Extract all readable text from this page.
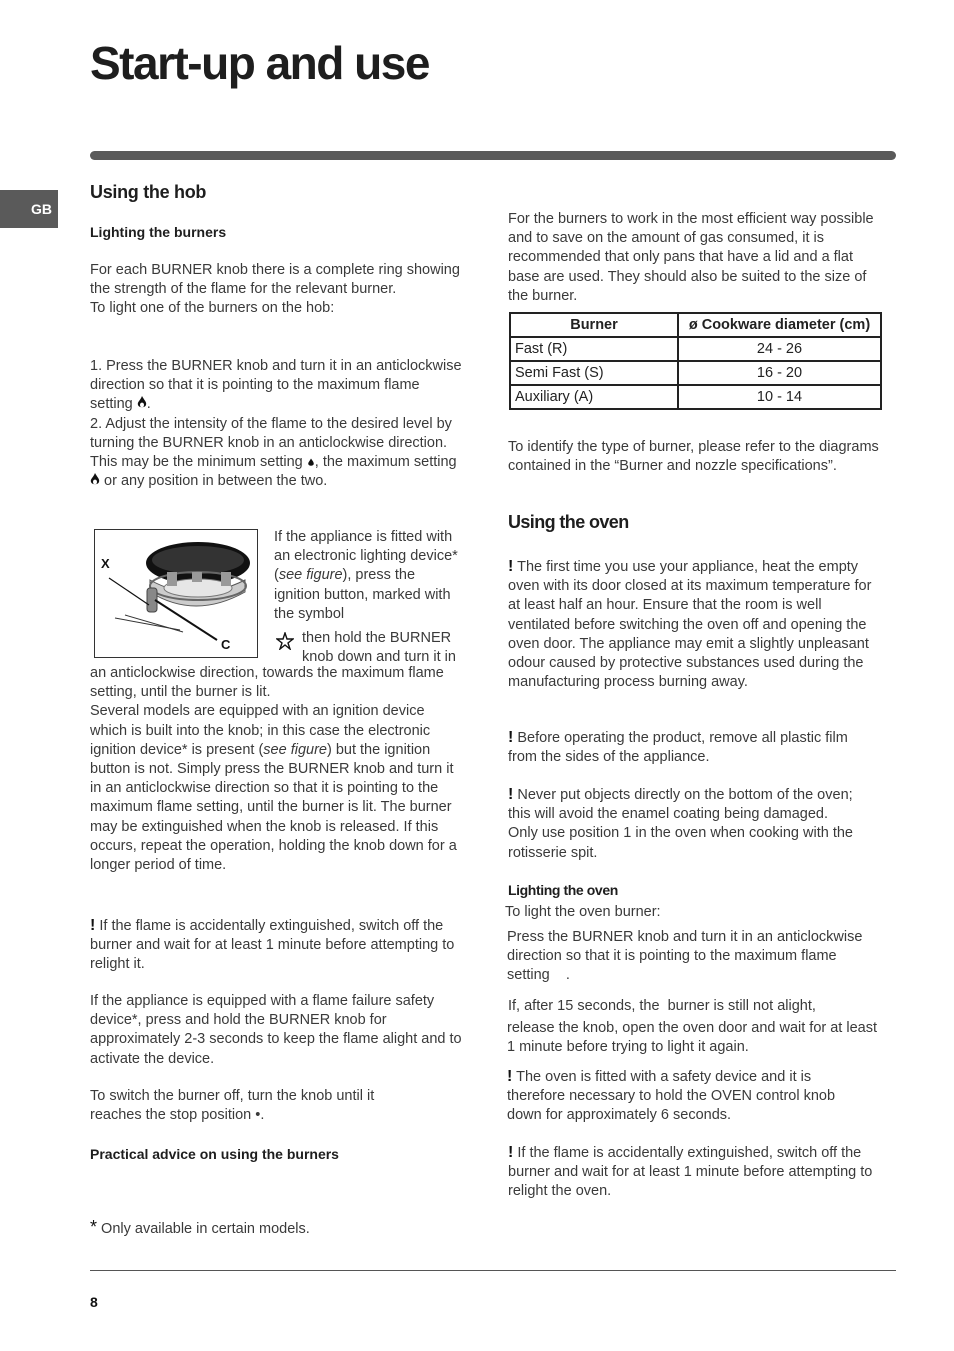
Start-up and use
GB
Using the hob
Lighting the burners

For each BURNER knob there is a complete ring showing the strength of the flame for the relevant burner.
To light one of the burners on the hob:

1. Press the BURNER knob and turn it in an anticlockwise direction so that it is pointing to the maximum flame setting .
2. Adjust the intensity of the flame to the desired level by turning the BURNER knob in an anticlockwise direction. This may be the minimum setting , the maximum setting  or any position in between the two.

X
C

If the appliance is fitted with an electronic lighting device* (see figure), press the ignition button, marked with the symbol

then hold the BURNER knob down and turn it in

an anticlockwise direction, towards the maximum flame setting, until the burner is lit.
Several models are equipped with an ignition device which is built into the knob; in this case the electronic ignition device* is present (see figure) but the ignition button is not. Simply press the BURNER knob and turn it in an anticlockwise direction so that it is pointing to the maximum flame setting, until the burner is lit. The burner may be extinguished when the knob is released. If this occurs, repeat the operation, holding the knob down for a longer period of time.

! If the flame is accidentally extinguished, switch off the burner and wait for at least 1 minute before attempting to relight it.

If the appliance is equipped with a flame failure safety device*, press and hold the BURNER knob for approximately 2-3 seconds to keep the flame alight and to activate the device.

To switch the burner off, turn the knob until it reaches the stop position •.

Practical advice on using the burners

* Only available in certain models.

For the burners to work in the most efficient way possible and to save on the amount of gas consumed, it is recommended that only pans that have a lid and a flat base are used. They should also be suited to the size of the burner.

Burner	ø Cookware diameter (cm)
Fast (R)	24 - 26
Semi Fast (S)	16 - 20
Auxiliary (A)	10 - 14

To identify the type of burner, please refer to the diagrams contained in the “Burner and nozzle specifications”.

Using the oven

! The first time you use your appliance, heat the empty oven with its door closed at its maximum temperature for at least half an hour. Ensure that the room is well ventilated before switching the oven off and opening the oven door. The appliance may emit a slightly unpleasant odour caused by protective substances used during the manufacturing process burning away.

! Before operating the product, remove all plastic film from the sides of the appliance.

! Never put objects directly on the bottom of the oven; this will avoid the enamel coating being damaged. Only use position 1 in the oven when cooking with the rotisserie spit.

Lighting the oven

To light the oven burner:

Press the BURNER knob and turn it in an anticlockwise direction so that it is pointing to the maximum flame setting .

If, after 15 seconds, the burner is still not alight,

release the knob, open the oven door and wait for at least 1 minute before trying to light it again.

! The oven is fitted with a safety device and it is therefore necessary to hold the OVEN control knob down for approximately 6 seconds.

! If the flame is accidentally extinguished, switch off the burner and wait for at least 1 minute before attempting to relight the oven.

8
